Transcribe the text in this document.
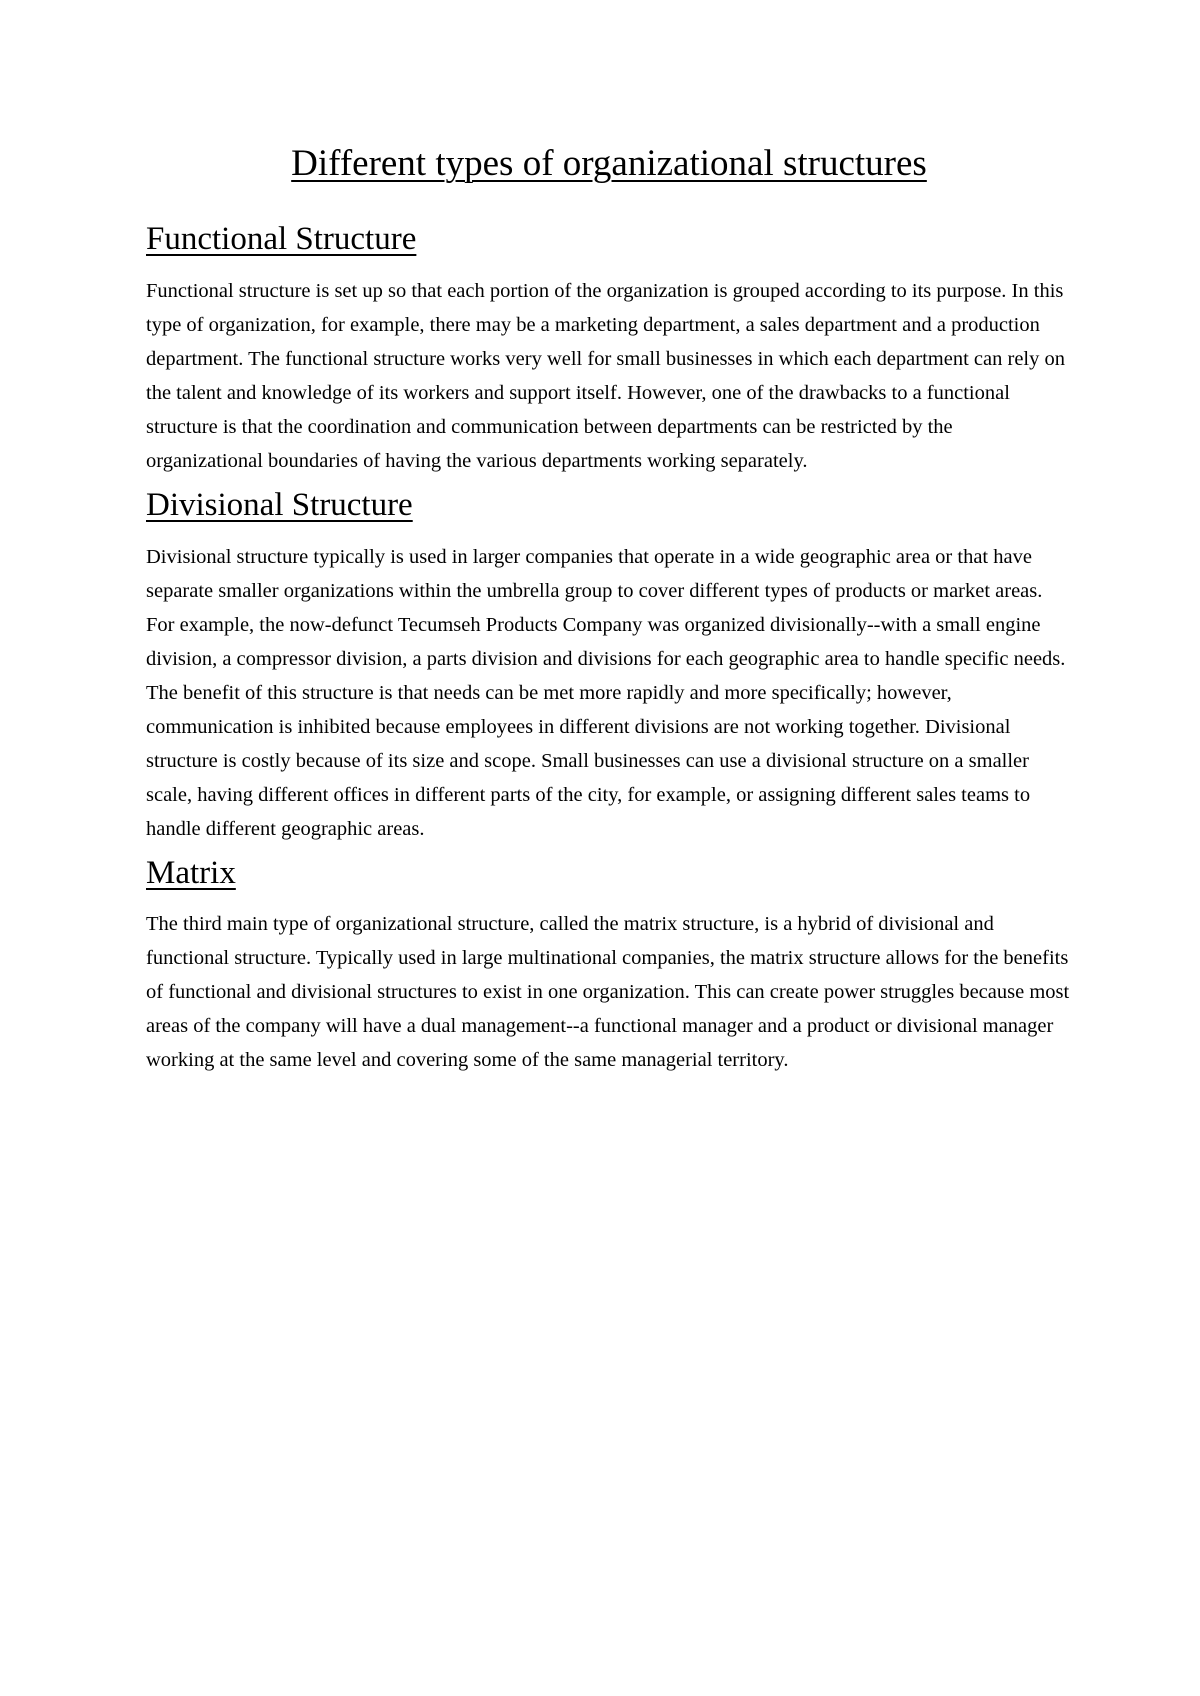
Different types of organizational structures
Functional Structure

Functional structure is set up so that each portion of the organization is grouped according to its purpose. In this type of organization, for example, there may be a marketing department, a sales department and a production department. The functional structure works very well for small businesses in which each department can rely on the talent and knowledge of its workers and support itself. However, one of the drawbacks to a functional structure is that the coordination and communication between departments can be restricted by the organizational boundaries of having the various departments working separately.

Divisional Structure

Divisional structure typically is used in larger companies that operate in a wide geographic area or that have separate smaller organizations within the umbrella group to cover different types of products or market areas. For example, the now-defunct Tecumseh Products Company was organized divisionally--with a small engine division, a compressor division, a parts division and divisions for each geographic area to handle specific needs. The benefit of this structure is that needs can be met more rapidly and more specifically; however, communication is inhibited because employees in different divisions are not working together. Divisional structure is costly because of its size and scope. Small businesses can use a divisional structure on a smaller scale, having different offices in different parts of the city, for example, or assigning different sales teams to handle different geographic areas.

Matrix

The third main type of organizational structure, called the matrix structure, is a hybrid of divisional and functional structure. Typically used in large multinational companies, the matrix structure allows for the benefits of functional and divisional structures to exist in one organization. This can create power struggles because most areas of the company will have a dual management--a functional manager and a product or divisional manager working at the same level and covering some of the same managerial territory.
